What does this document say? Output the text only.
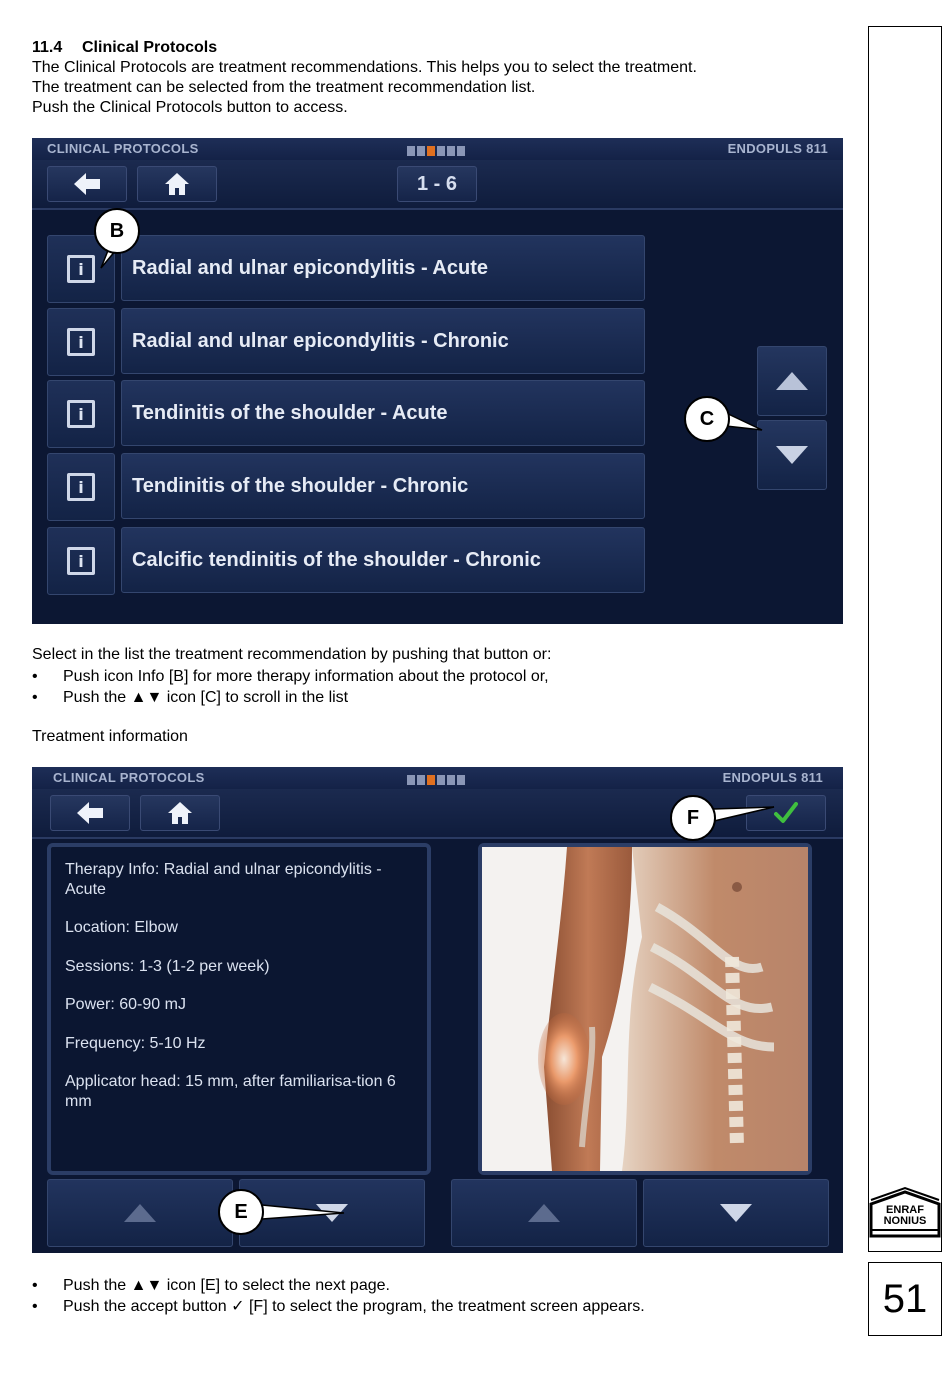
11.4 Clinical Protocols
The Clinical Protocols are treatment recommendations. This helps you to select the treatment.
The treatment can be selected from the treatment recommendation list.
Push the Clinical Protocols button to access.
CLINICAL PROTOCOLS	ENDOPULS 811
1 - 6
i	Radial and ulnar epicondylitis - Acute
i	Radial and ulnar epicondylitis - Chronic
i	Tendinitis of the shoulder - Acute
i	Tendinitis of the shoulder - Chronic
i	Calcific tendinitis of the shoulder - Chronic
B
C
Select in the list the treatment recommendation by pushing that button or:
• Push icon Info [B] for more therapy information about the protocol or,
• Push the ▲▼ icon [C] to scroll in the list
Treatment information
CLINICAL PROTOCOLS	ENDOPULS 811

Therapy Info: Radial and ulnar epicondylitis - Acute

Location: Elbow

Sessions: 1-3 (1-2 per week)

Power: 60-90 mJ

Frequency: 5-10 Hz

Applicator head: 15 mm, after familiarisa-tion 6 mm

E
F
• Push the ▲▼ icon [E] to select the next page.
• Push the accept button ✓ [F] to select the program, the treatment screen appears.
ENRAF
NONIUS
51
